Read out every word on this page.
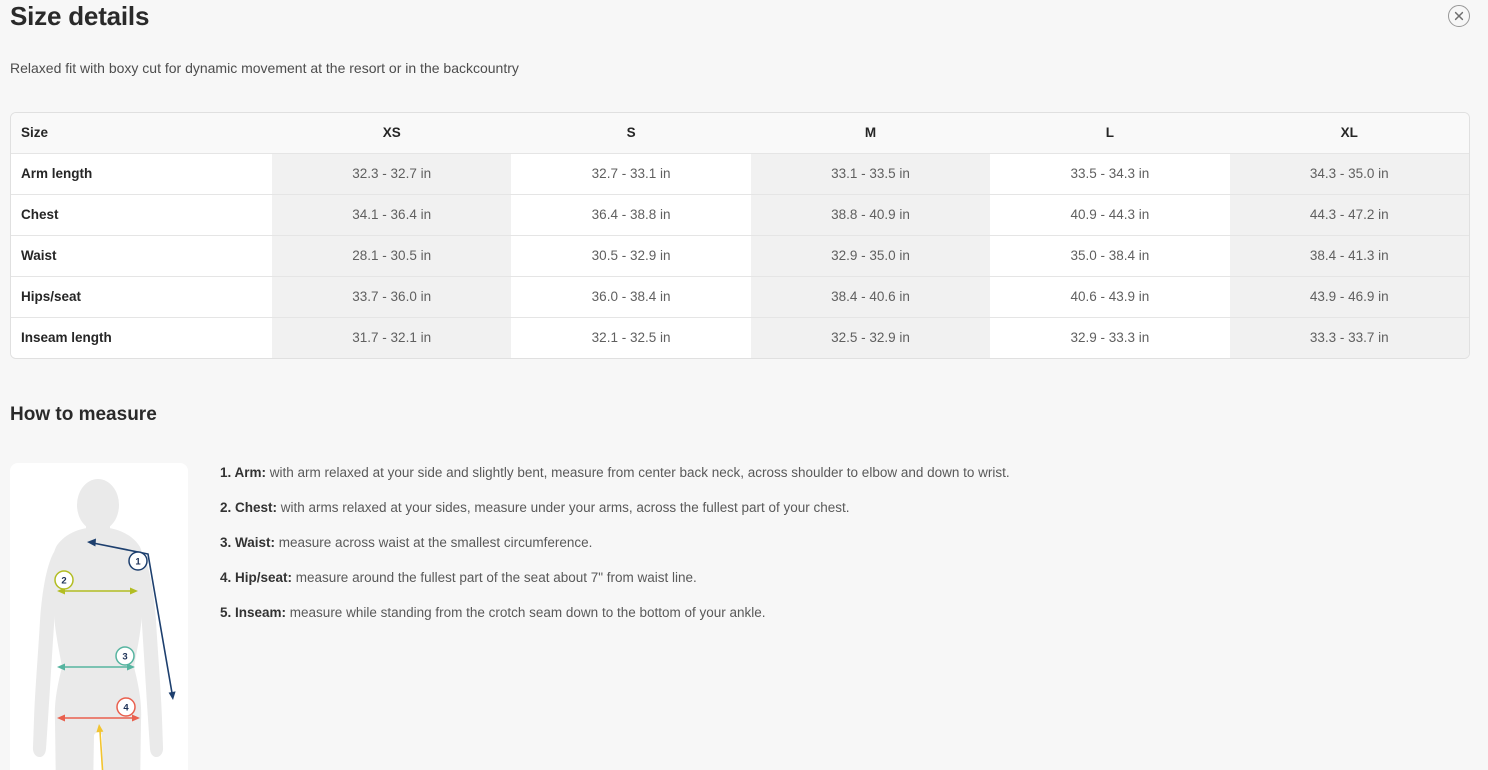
Size details

Relaxed fit with boxy cut for dynamic movement at the resort or in the backcountry

Size	XS	S	M	L	XL
Arm length	32.3 - 32.7 in	32.7 - 33.1 in	33.1 - 33.5 in	33.5 - 34.3 in	34.3 - 35.0 in
Chest	34.1 - 36.4 in	36.4 - 38.8 in	38.8 - 40.9 in	40.9 - 44.3 in	44.3 - 47.2 in
Waist	28.1 - 30.5 in	30.5 - 32.9 in	32.9 - 35.0 in	35.0 - 38.4 in	38.4 - 41.3 in
Hips/seat	33.7 - 36.0 in	36.0 - 38.4 in	38.4 - 40.6 in	40.6 - 43.9 in	43.9 - 46.9 in
Inseam length	31.7 - 32.1 in	32.1 - 32.5 in	32.5 - 32.9 in	32.9 - 33.3 in	33.3 - 33.7 in
How to measure
1
2
3
4
1. Arm: with arm relaxed at your side and slightly bent, measure from center back neck, across shoulder to elbow and down to wrist.
2. Chest: with arms relaxed at your sides, measure under your arms, across the fullest part of your chest.
3. Waist: measure across waist at the smallest circumference.
4. Hip/seat: measure around the fullest part of the seat about 7" from waist line.
5. Inseam: measure while standing from the crotch seam down to the bottom of your ankle.
